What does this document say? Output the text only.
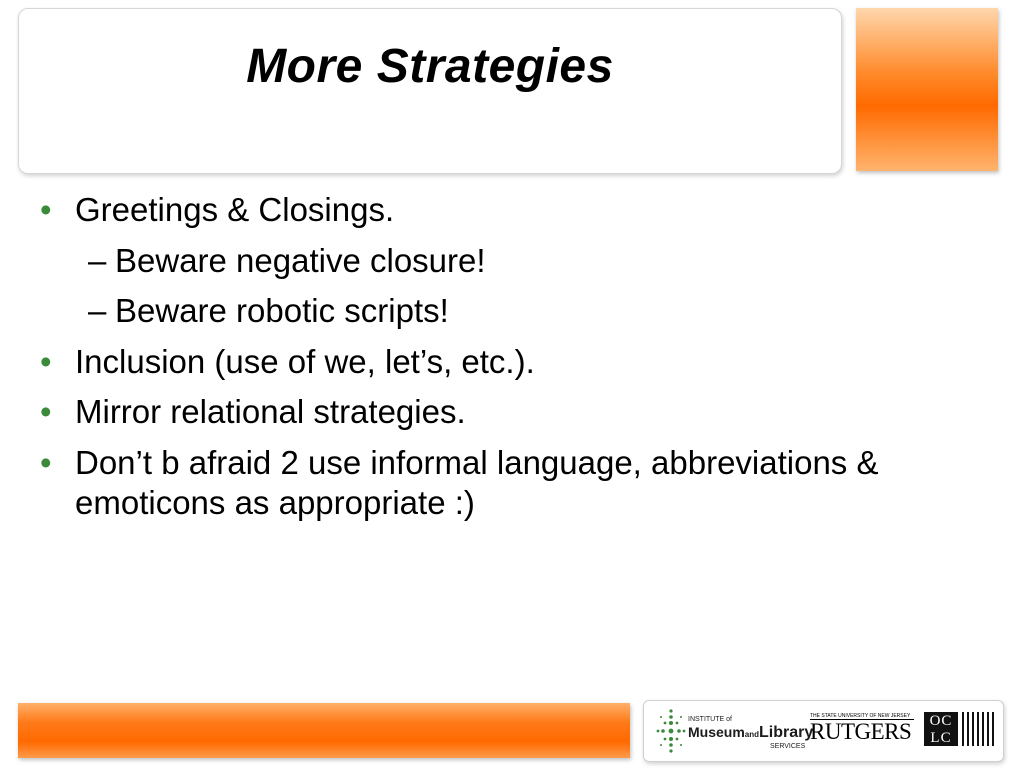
More Strategies
• Greetings & Closings.
– Beware negative closure!
– Beware robotic scripts!
• Inclusion (use of we, let’s, etc.).
• Mirror relational strategies.
• Don’t b afraid 2 use informal language, abbreviations & emoticons as appropriate :)
INSTITUTE of
MuseumandLibrary
SERVICES
THE STATE UNIVERSITY OF NEW JERSEY
RUTGERS	OC
LC
